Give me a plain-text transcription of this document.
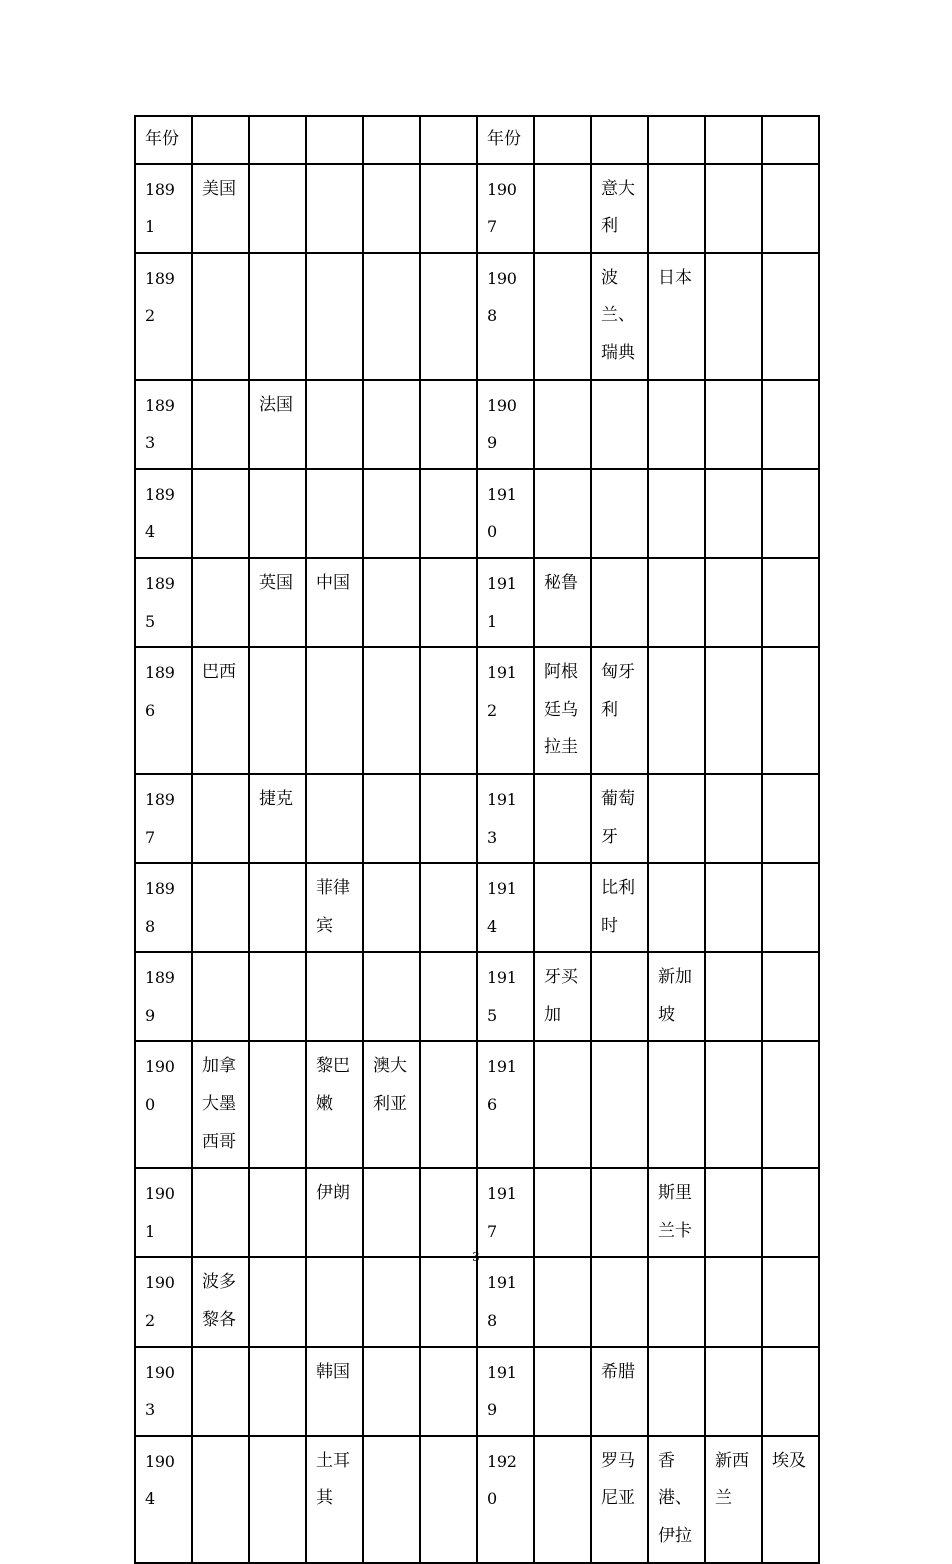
年份						年份					
1891	美国					1907		意大利			
1892						1908		波兰、瑞典	日本		
1893		法国				1909					
1894						1910					
1895		英国	中国			1911	秘鲁				
1896	巴西					1912	阿根廷乌拉圭	匈牙利			
1897		捷克				1913		葡萄牙			
1898			菲律宾			1914		比利时			
1899						1915	牙买加		新加坡		
1900	加拿大墨西哥		黎巴嫩	澳大利亚		1916					
1901			伊朗			1917			斯里兰卡		
1902	波多黎各					1918					
1903			韩国			1919		希腊			
1904			土耳其			1920		罗马尼亚	香港、伊拉	新西兰	埃及
3
